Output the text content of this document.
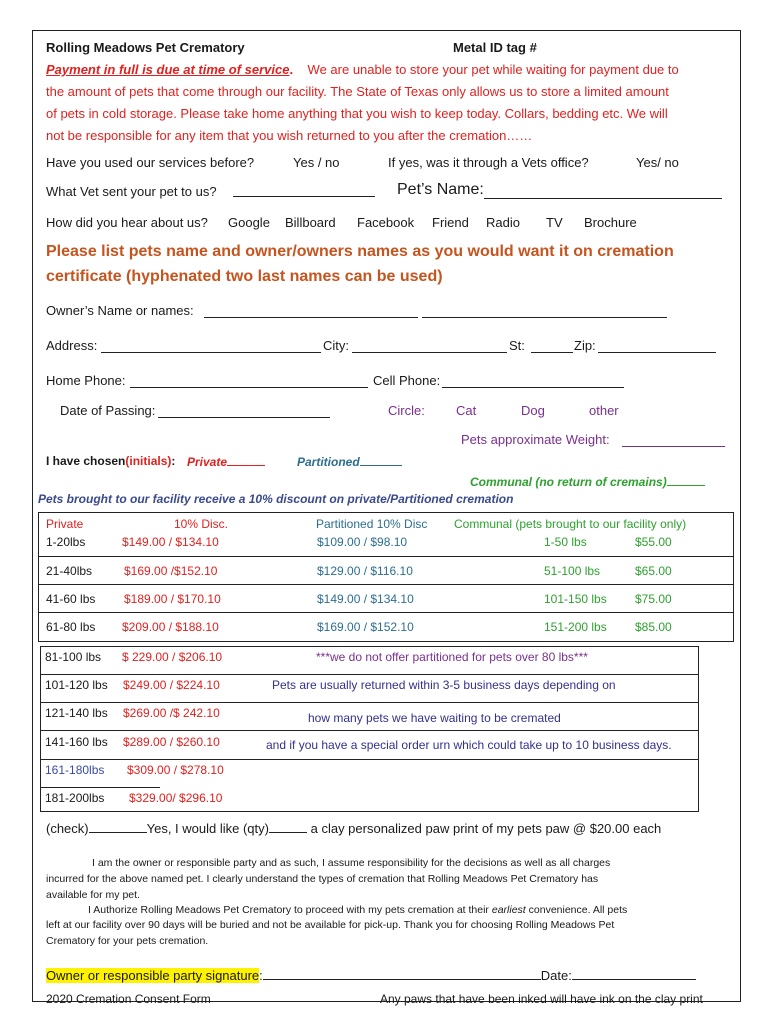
Rolling Meadows Pet Crematory	Metal ID tag #
Payment in full is due at time of service. We are unable to store your pet while waiting for payment due to
the amount of pets that come through our facility. The State of Texas only allows us to store a limited amount
of pets in cold storage. Please take home anything that you wish to keep today. Collars, bedding etc. We will
not be responsible for any item that you wish returned to you after the cremation……
Have you used our services before?	Yes / no	If yes, was it through a Vets office?	Yes/ no
What Vet sent your pet to us?	Pet’s Name:
How did you hear about us? Google Billboard Facebook Friend Radio TV Brochure
Please list pets name and owner/owners names as you would want it on cremation
certificate (hyphenated two last names can be used)
Owner’s Name or names:
Address:	City:	St:	Zip:
Home Phone:	Cell Phone:
Date of Passing:	Circle: Cat	Dog	other
Pets approximate Weight:
I have chosen(initials): Private	Partitioned
Communal (no return of cremains)
Pets brought to our facility receive a 10% discount on private/Partitioned cremation
Private	10% Disc.	Partitioned 10% Disc Communal (pets brought to our facility only)
1-20lbs	$149.00 / $134.10	$109.00 / $98.10	1-50 lbs	$55.00
21-40lbs	$169.00 /$152.10	$129.00 / $116.10	51-100 lbs	$65.00
41-60 lbs $189.00 / $170.10	$149.00 / $134.10	101-150 lbs $75.00
61-80 lbs $209.00 / $188.10	$169.00 / $152.10	151-200 lbs $85.00
81-100 lbs $ 229.00 / $206.10	***we do not offer partitioned for pets over 80 lbs***
101-120 lbs $249.00 / $224.10	Pets are usually returned within 3-5 business days depending on
121-140 lbs $269.00 /$ 242.10	how many pets we have waiting to be cremated
141-160 lbs $289.00 / $260.10	and if you have a special order urn which could take up to 10 business days.
161-180lbs $309.00 / $278.10
181-200lbs $329.00/ $296.10
(check)	Yes, I would like (qty)	a clay personalized paw print of my pets paw @ $20.00 each
I am the owner or responsible party and as such, I assume responsibility for the decisions as well as all charges
incurred for the above named pet. I clearly understand the types of cremation that Rolling Meadows Pet Crematory has
available for my pet.
I Authorize Rolling Meadows Pet Crematory to proceed with my pets cremation at their earliest convenience. All pets
left at our facility over 90 days will be buried and not be available for pick-up. Thank you for choosing Rolling Meadows Pet
Crematory for your pets cremation.
Owner or responsible party signature:	Date:
2020 Cremation Consent Form	Any paws that have been inked will have ink on the clay print
